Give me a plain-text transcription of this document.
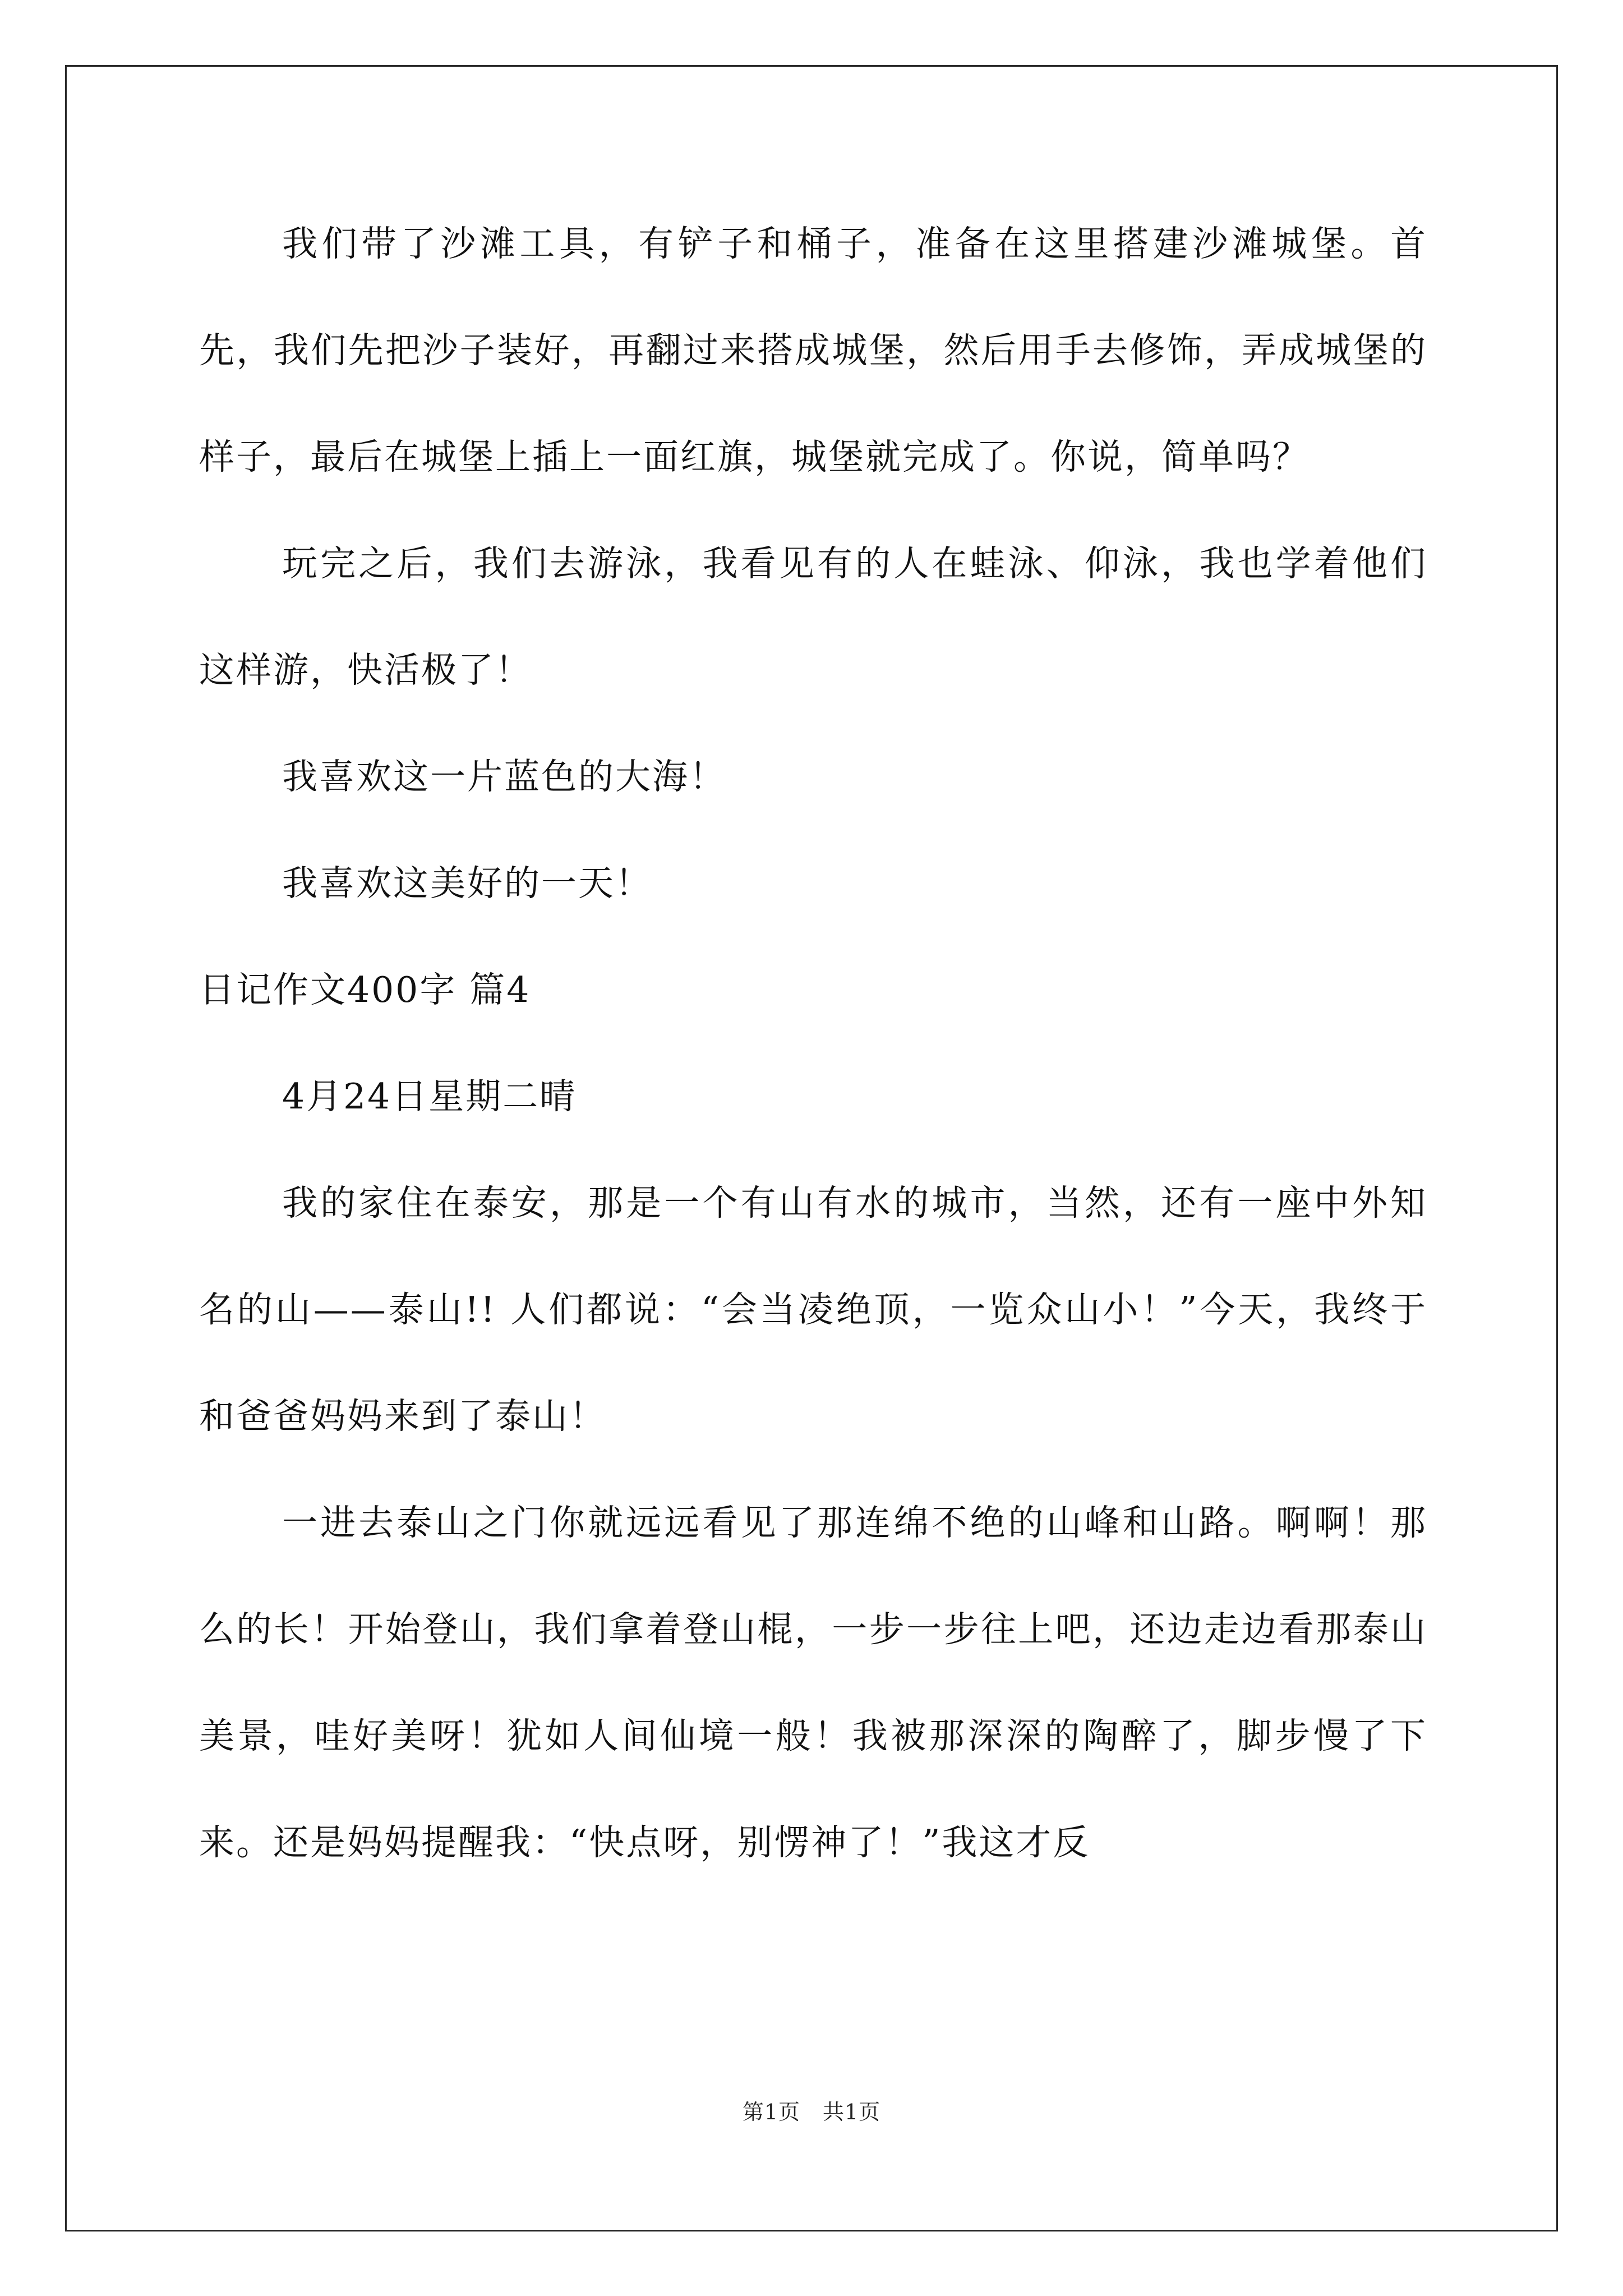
我们带了沙滩工具，有铲子和桶子，准备在这里搭建沙滩城堡。首先，我们先把沙子装好，再翻过来搭成城堡，然后用手去修饰，弄成城堡的样子，最后在城堡上插上一面红旗，城堡就完成了。你说，简单吗？

玩完之后，我们去游泳，我看见有的人在蛙泳、仰泳，我也学着他们这样游，快活极了！

我喜欢这一片蓝色的大海！

我喜欢这美好的一天！

日记作文400字 篇4

4月24日星期二晴

我的家住在泰安，那是一个有山有水的城市，当然，还有一座中外知名的山——泰山!! 人们都说：“会当凌绝顶，一览众山小！”今天，我终于和爸爸妈妈来到了泰山！

一进去泰山之门你就远远看见了那连绵不绝的山峰和山路。啊啊！那么的长！开始登山，我们拿着登山棍，一步一步往上吧，还边走边看那泰山美景，哇好美呀！犹如人间仙境一般！我被那深深的陶醉了，脚步慢了下来。还是妈妈提醒我：“快点呀，别愣神了！”我这才反

第1页 共1页
